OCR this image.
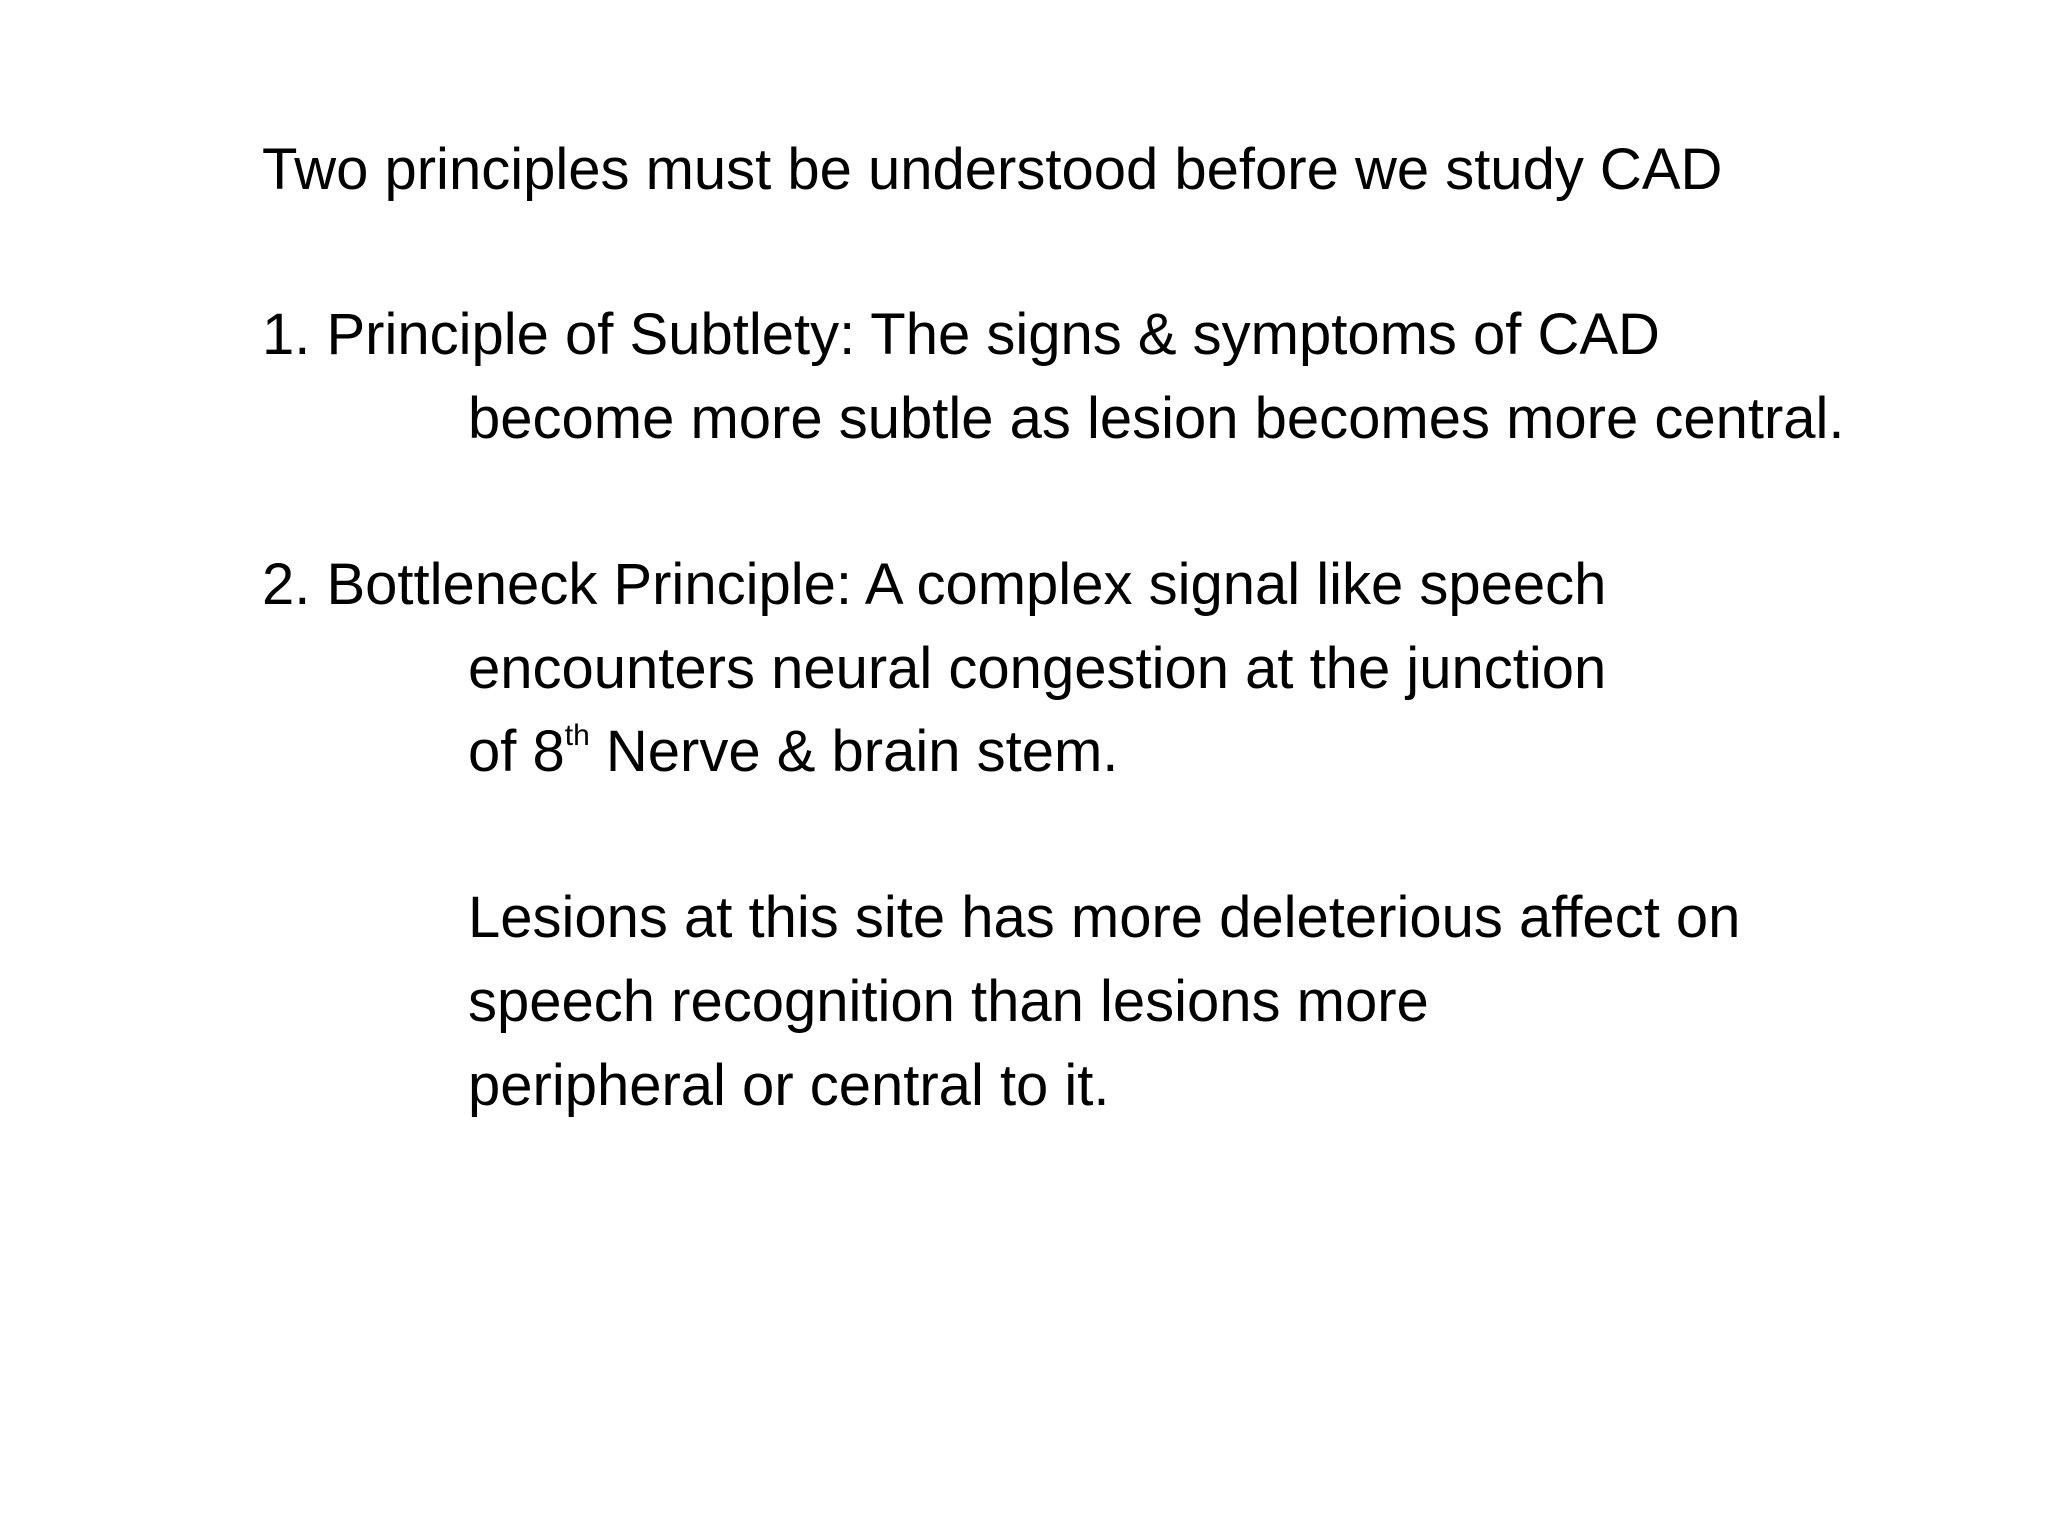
Two principles must be understood before we study CAD
1. Principle of Subtlety: The signs & symptoms of CAD
become more subtle as lesion becomes more central.
2. Bottleneck Principle: A complex signal like speech
encounters neural congestion at the junction
of 8th Nerve & brain stem.
Lesions at this site has more deleterious affect on
speech recognition than lesions more
peripheral or central to it.
